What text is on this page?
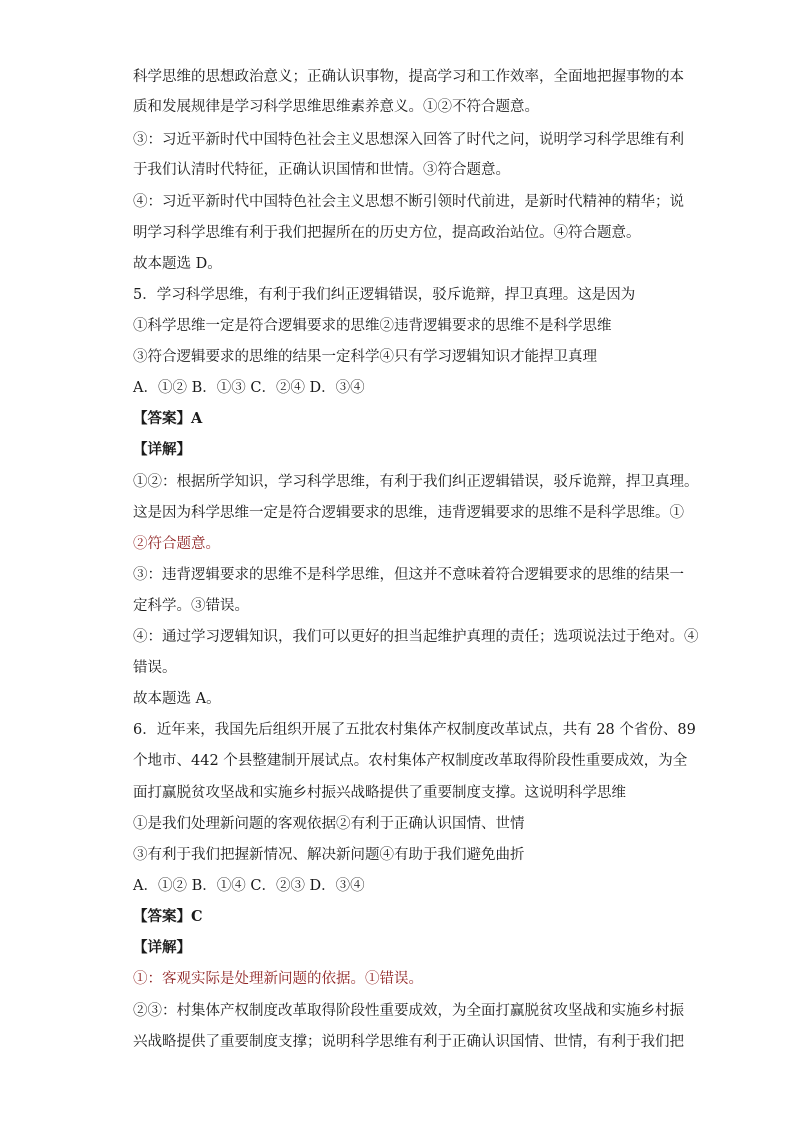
科学思维的思想政治意义；正确认识事物，提高学习和工作效率，全面地把握事物的本
质和发展规律是学习科学思维思维素养意义。①②不符合题意。
③：习近平新时代中国特色社会主义思想深入回答了时代之问，说明学习科学思维有利
于我们认清时代特征，正确认识国情和世情。③符合题意。
④：习近平新时代中国特色社会主义思想不断引领时代前进，是新时代精神的精华；说
明学习科学思维有利于我们把握所在的历史方位，提高政治站位。④符合题意。
故本题选 D。
5．学习科学思维，有利于我们纠正逻辑错误，驳斥诡辩，捍卫真理。这是因为
①科学思维一定是符合逻辑要求的思维②违背逻辑要求的思维不是科学思维
③符合逻辑要求的思维的结果一定科学④只有学习逻辑知识才能捍卫真理
A．①② B．①③ C．②④ D．③④
【答案】A
【详解】
①②：根据所学知识，学习科学思维，有利于我们纠正逻辑错误，驳斥诡辩，捍卫真理。
这是因为科学思维一定是符合逻辑要求的思维，违背逻辑要求的思维不是科学思维。①
②符合题意。
③：违背逻辑要求的思维不是科学思维，但这并不意味着符合逻辑要求的思维的结果一
定科学。③错误。
④：通过学习逻辑知识，我们可以更好的担当起维护真理的责任；选项说法过于绝对。④
错误。
故本题选 A。
6．近年来，我国先后组织开展了五批农村集体产权制度改革试点，共有 28 个省份、89
个地市、442 个县整建制开展试点。农村集体产权制度改革取得阶段性重要成效，为全
面打赢脱贫攻坚战和实施乡村振兴战略提供了重要制度支撑。这说明科学思维
①是我们处理新问题的客观依据②有利于正确认识国情、世情
③有利于我们把握新情况、解决新问题④有助于我们避免曲折
A．①② B．①④ C．②③ D．③④
【答案】C
【详解】
①：客观实际是处理新问题的依据。①错误。
②③：村集体产权制度改革取得阶段性重要成效，为全面打赢脱贫攻坚战和实施乡村振
兴战略提供了重要制度支撑；说明科学思维有利于正确认识国情、世情，有利于我们把
